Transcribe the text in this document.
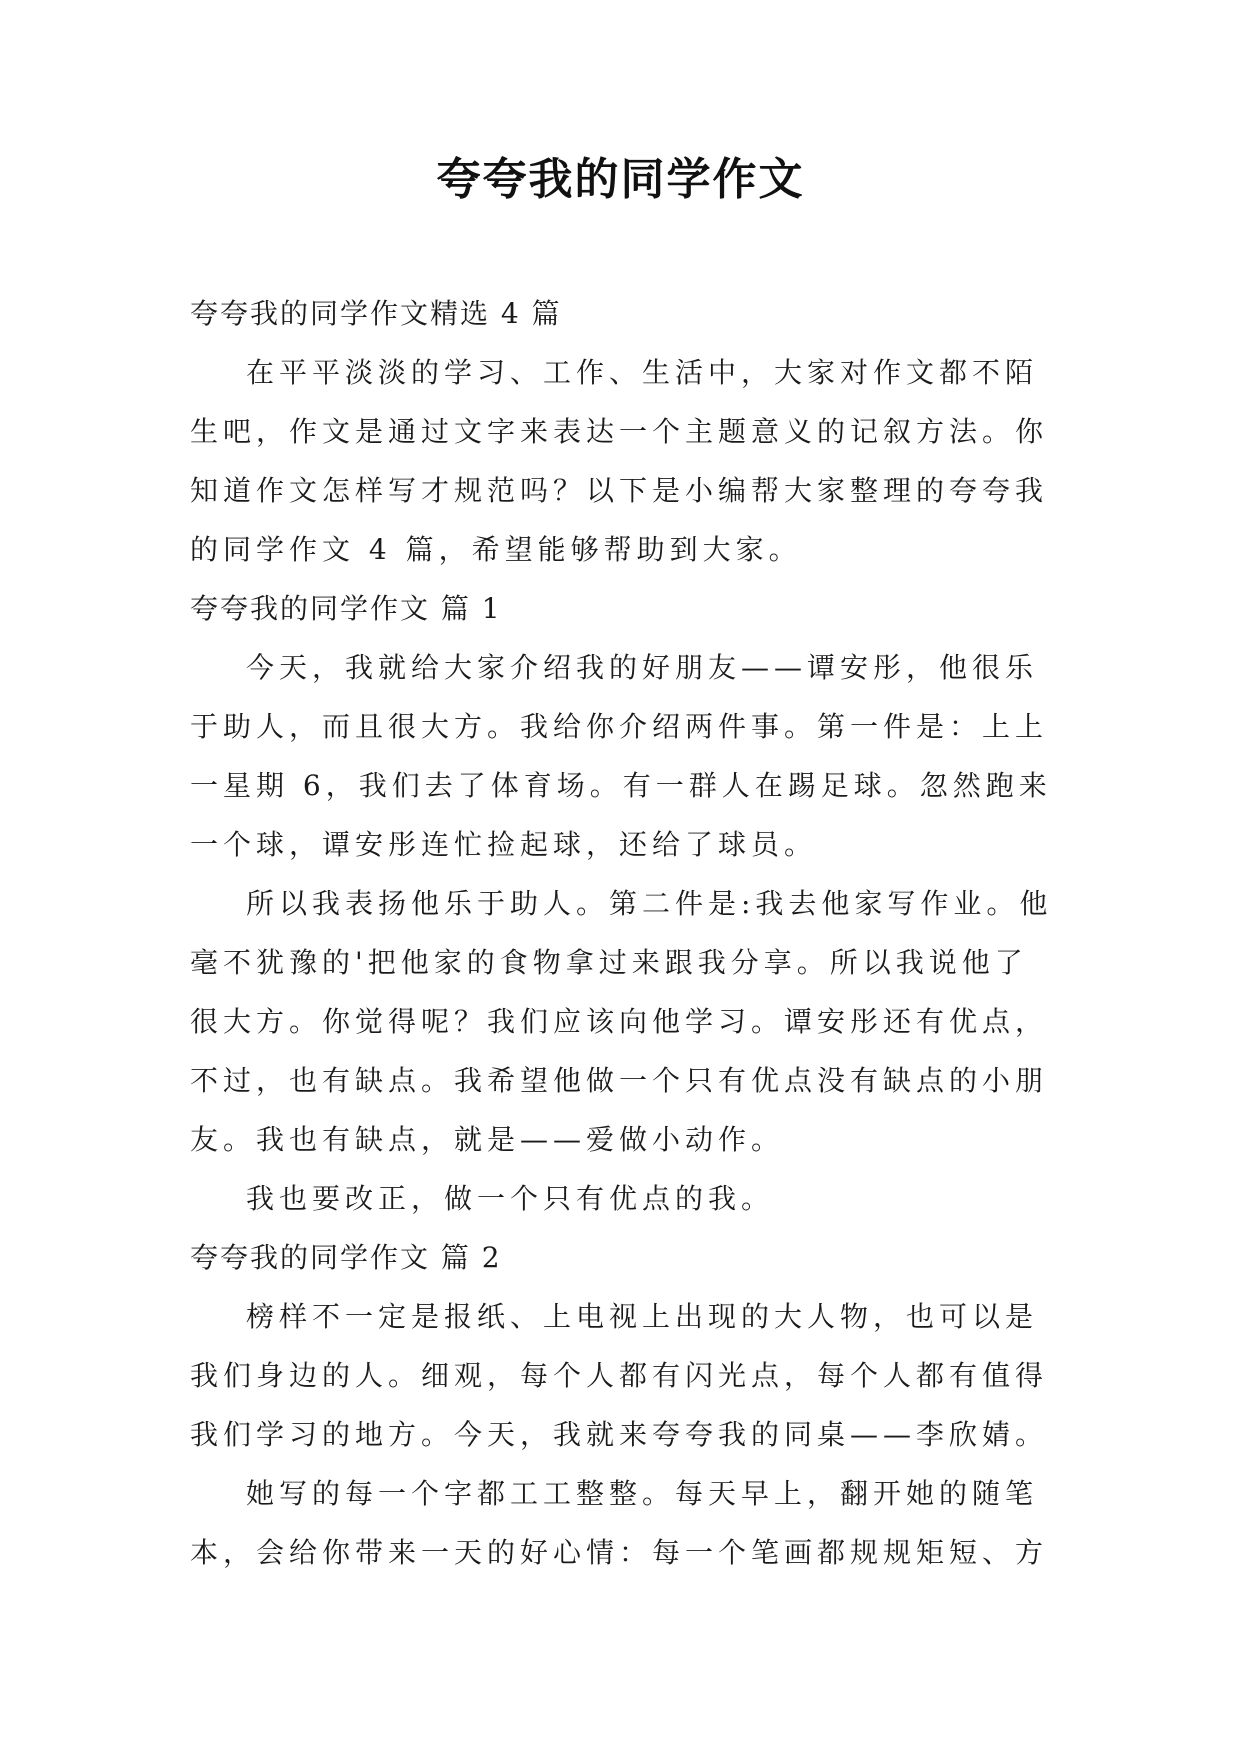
夸夸我的同学作文

夸夸我的同学作文精选 4 篇

在平平淡淡的学习、工作、生活中，大家对作文都不陌生吧，作文是通过文字来表达一个主题意义的记叙方法。你知道作文怎样写才规范吗？以下是小编帮大家整理的夸夸我的同学作文 4 篇，希望能够帮助到大家。

夸夸我的同学作文 篇 1

今天，我就给大家介绍我的好朋友——谭安彤，他很乐于助人，而且很大方。我给你介绍两件事。第一件是：上上一星期 6，我们去了体育场。有一群人在踢足球。忽然跑来一个球，谭安彤连忙捡起球，还给了球员。

所以我表扬他乐于助人。第二件是:我去他家写作业。他毫不犹豫的'把他家的食物拿过来跟我分享。所以我说他了很大方。你觉得呢？我们应该向他学习。谭安彤还有优点，不过，也有缺点。我希望他做一个只有优点没有缺点的小朋友。我也有缺点，就是——爱做小动作。

我也要改正，做一个只有优点的我。

夸夸我的同学作文 篇 2

榜样不一定是报纸、上电视上出现的大人物，也可以是我们身边的人。细观，每个人都有闪光点，每个人都有值得我们学习的地方。今天，我就来夸夸我的同桌——李欣婧。

她写的每一个字都工工整整。每天早上，翻开她的随笔本，会给你带来一天的好心情：每一个笔画都规规矩短、方
